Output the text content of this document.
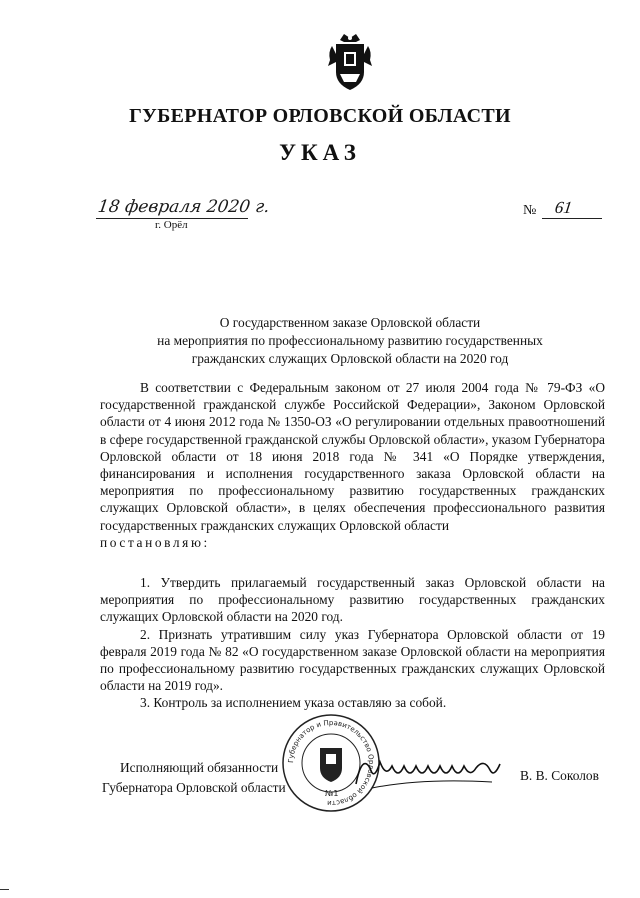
ГУБЕРНАТОР ОРЛОВСКОЙ ОБЛАСТИ
УКАЗ
18 февраля 2020 г.
г. Орёл
№ 61
О государственном заказе Орловской области
на мероприятия по профессиональному развитию государственных
гражданских служащих Орловской области на 2020 год
В соответствии с Федеральным законом от 27 июля 2004 года № 79-ФЗ «О государственной гражданской службе Российской Федерации», Законом Орловской области от 4 июня 2012 года № 1350-ОЗ «О регулировании отдельных правоотношений в сфере государственной гражданской службы Орловской области», указом Губернатора Орловской области от 18 июня 2018 года № 341 «О Порядке утверждения, финансирования и исполнения государственного заказа Орловской области на мероприятия по профессиональному развитию государственных гражданских служащих Орловской области», в целях обеспечения профессионального развития государственных гражданских служащих Орловской области
постановляю:

1. Утвердить прилагаемый государственный заказ Орловской области на мероприятия по профессиональному развитию государственных гражданских служащих Орловской области на 2020 год.

2. Признать утратившим силу указ Губернатора Орловской области от 19 февраля 2019 года № 82 «О государственном заказе Орловской области на мероприятия по профессиональному развитию государственных гражданских служащих Орловской области на 2019 год».

3. Контроль за исполнением указа оставляю за собой.

Исполняющий обязанности
Губернатора Орловской области
Губернатор и Правительство Орловской области
№1
В. В. Соколов
